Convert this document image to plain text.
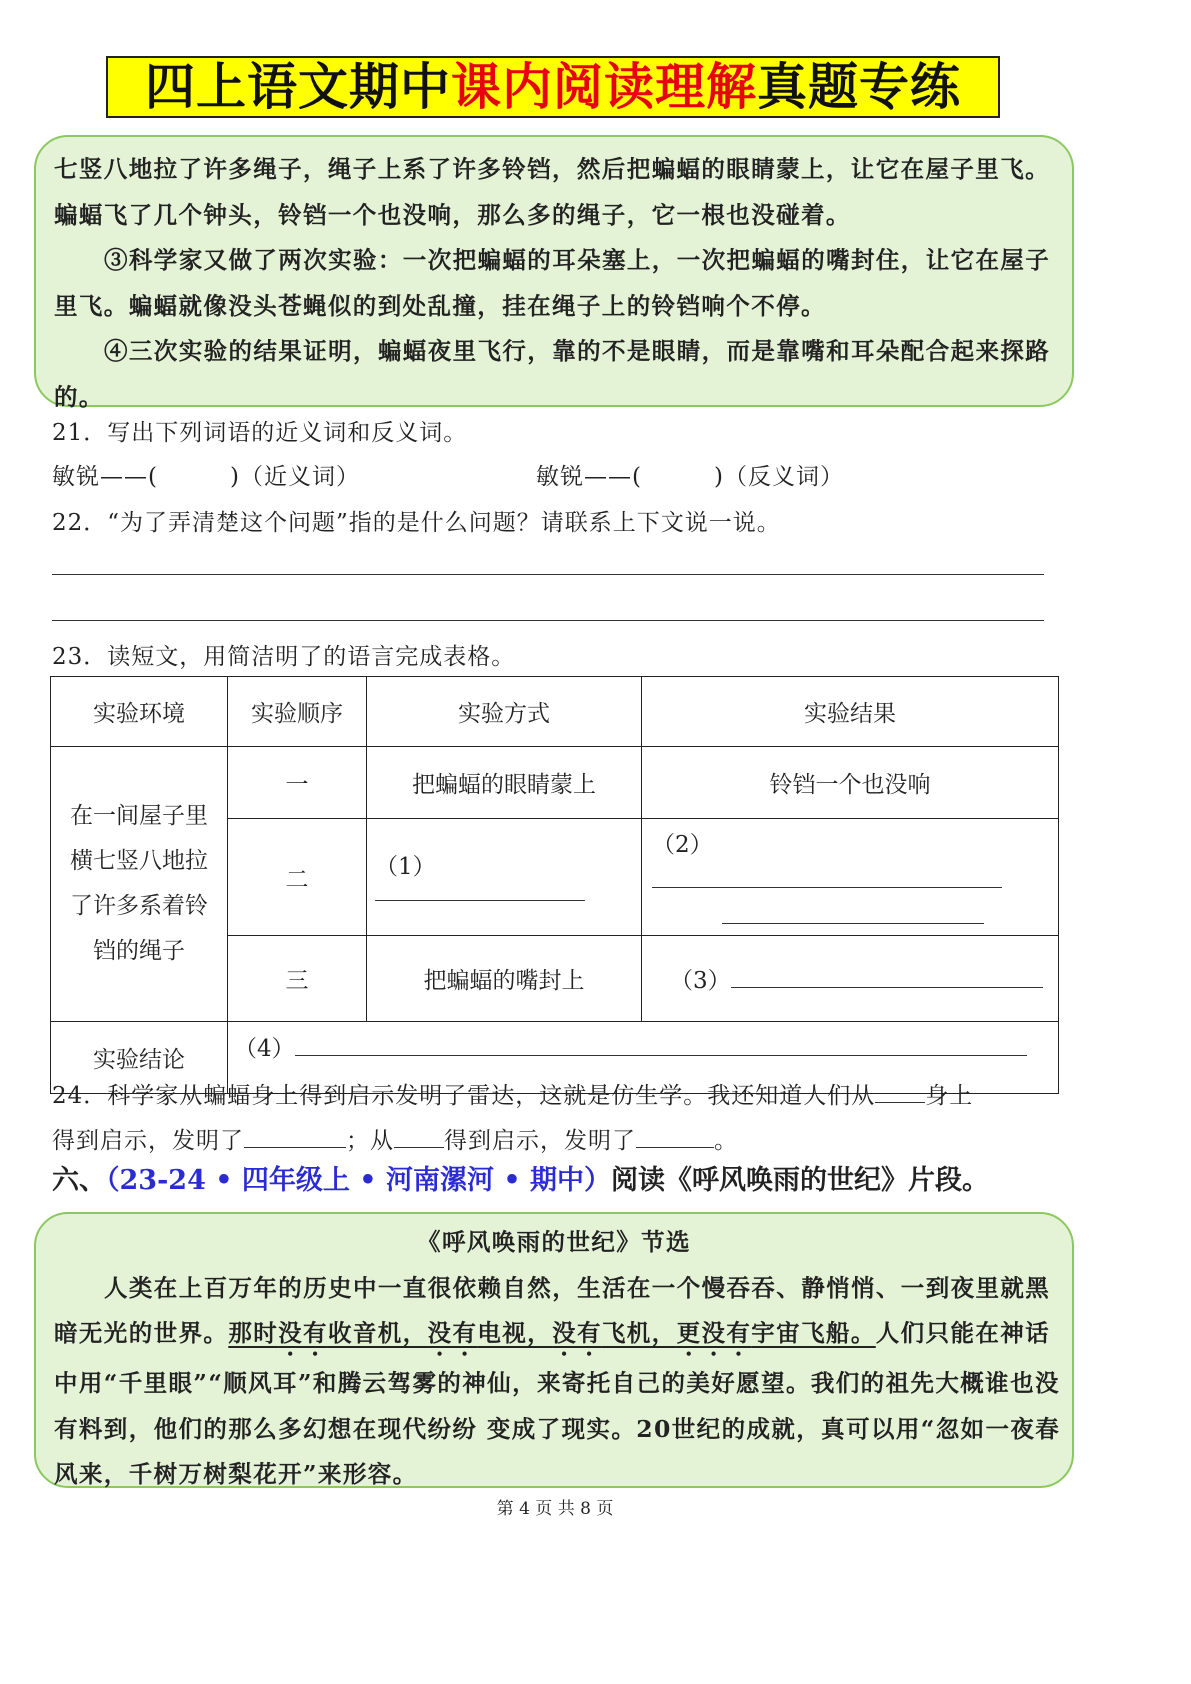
四上语文期中课内阅读理解真题专练

七竖八地拉了许多绳子，绳子上系了许多铃铛，然后把蝙蝠的眼睛蒙上，让它在屋子里飞。蝙蝠飞了几个钟头，铃铛一个也没响，那么多的绳子，它一根也没碰着。

③科学家又做了两次实验：一次把蝙蝠的耳朵塞上，一次把蝙蝠的嘴封住，让它在屋子里飞。蝙蝠就像没头苍蝇似的到处乱撞，挂在绳子上的铃铛响个不停。

④三次实验的结果证明，蝙蝠夜里飞行，靠的不是眼睛，而是靠嘴和耳朵配合起来探路的。

21．写出下列词语的近义词和反义词。
敏锐——(　　　)（近义词）	敏锐——(　　　)（反义词）
22．“为了弄清楚这个问题”指的是什么问题？请联系上下文说一说。
23．读短文，用简洁明了的语言完成表格。
实验环境	实验顺序	实验方式	实验结果
在一间屋子里横七竖八地拉了许多系着铃铛的绳子	一	把蝙蝠的眼睛蒙上	铃铛一个也没响
	二	（1）	（2）

	三	把蝙蝠的嘴封上	（3）
实验结论	（4）		
24．科学家从蝙蝠身上得到启示发明了雷达，这就是仿生学。我还知道人们从 身上
得到启示，发明了	；从 得到启示，发明了	。
六、（23-24 • 四年级上 • 河南漯河 • 期中）阅读《呼风唤雨的世纪》片段。
《呼风唤雨的世纪》节选

人类在上百万年的历史中一直很依赖自然，生活在一个慢吞吞、静悄悄、一到夜里就黑暗无光的世界。那时没有收音机，没有电视，没有飞机，更没有宇宙飞船。人们只能在神话中用“千里眼”“顺风耳”和腾云驾雾的神仙，来寄托自己的美好愿望。我们的祖先大概谁也没有料到，他们的那么多幻想在现代纷纷 变成了现实。20世纪的成就，真可以用“忽如一夜春风来，千树万树梨花开”来形容。

第 4 页 共 8 页
